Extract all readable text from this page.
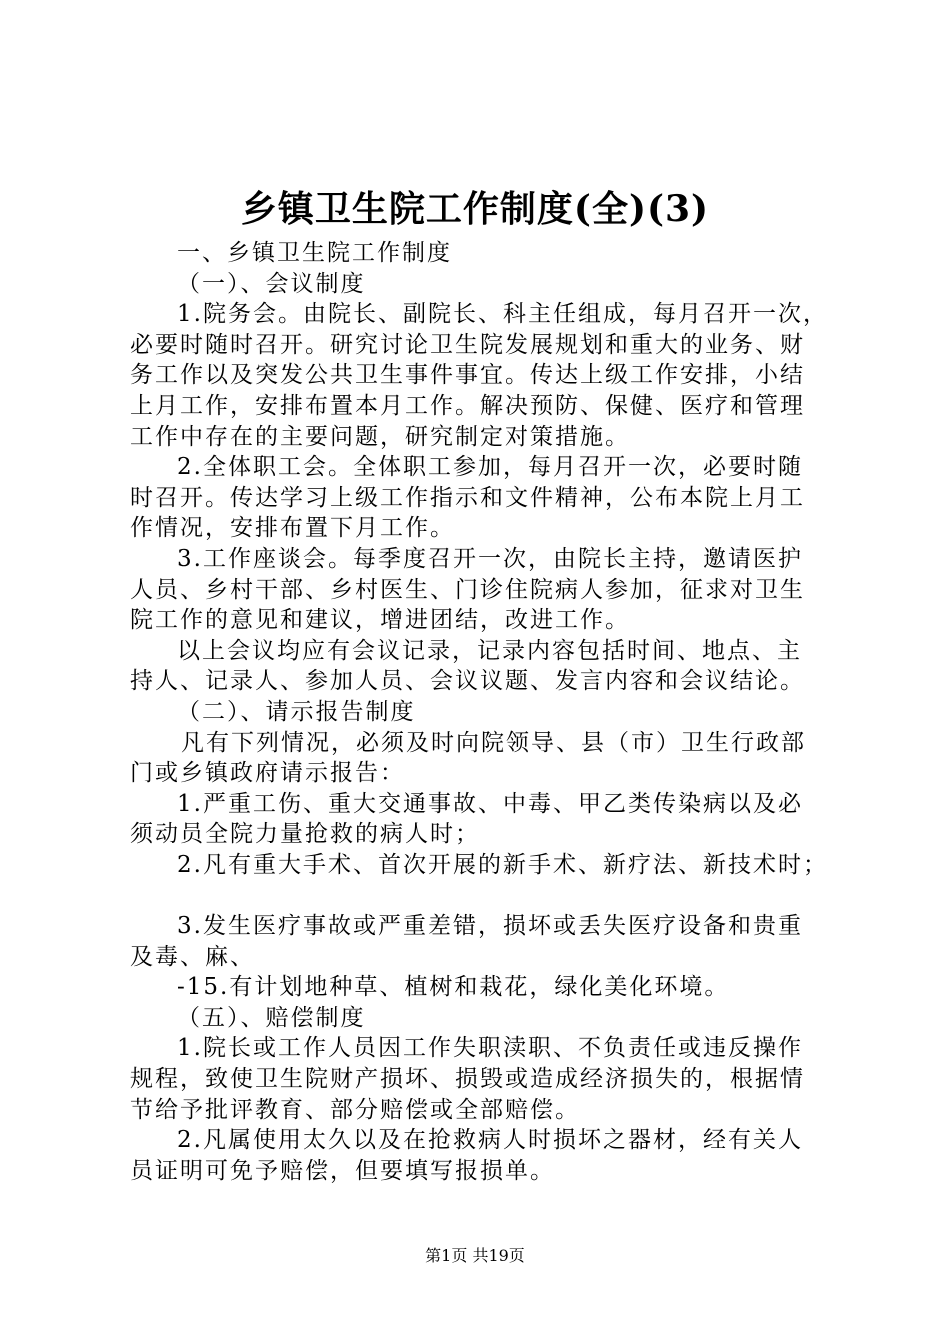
乡镇卫生院工作制度(全)(3)
一、乡镇卫生院工作制度
（一）、会议制度
1.院务会。由院长、副院长、科主任组成，每月召开一次，
必要时随时召开。研究讨论卫生院发展规划和重大的业务、财
务工作以及突发公共卫生事件事宜。传达上级工作安排，小结
上月工作，安排布置本月工作。解决预防、保健、医疗和管理
工作中存在的主要问题，研究制定对策措施。
2.全体职工会。全体职工参加，每月召开一次，必要时随
时召开。传达学习上级工作指示和文件精神，公布本院上月工
作情况，安排布置下月工作。
3.工作座谈会。每季度召开一次，由院长主持，邀请医护
人员、乡村干部、乡村医生、门诊住院病人参加，征求对卫生
院工作的意见和建议，增进团结，改进工作。
以上会议均应有会议记录，记录内容包括时间、地点、主
持人、记录人、参加人员、会议议题、发言内容和会议结论。
（二）、请示报告制度
凡有下列情况，必须及时向院领导、县（市）卫生行政部
门或乡镇政府请示报告：
1.严重工伤、重大交通事故、中毒、甲乙类传染病以及必
须动员全院力量抢救的病人时；
2.凡有重大手术、首次开展的新手术、新疗法、新技术时；
3.发生医疗事故或严重差错，损坏或丢失医疗设备和贵重
及毒、麻、
-15.有计划地种草、植树和栽花，绿化美化环境。
（五）、赔偿制度
1.院长或工作人员因工作失职渎职、不负责任或违反操作
规程，致使卫生院财产损坏、损毁或造成经济损失的，根据情
节给予批评教育、部分赔偿或全部赔偿。
2.凡属使用太久以及在抢救病人时损坏之器材，经有关人
员证明可免予赔偿，但要填写报损单。
第1页 共19页
